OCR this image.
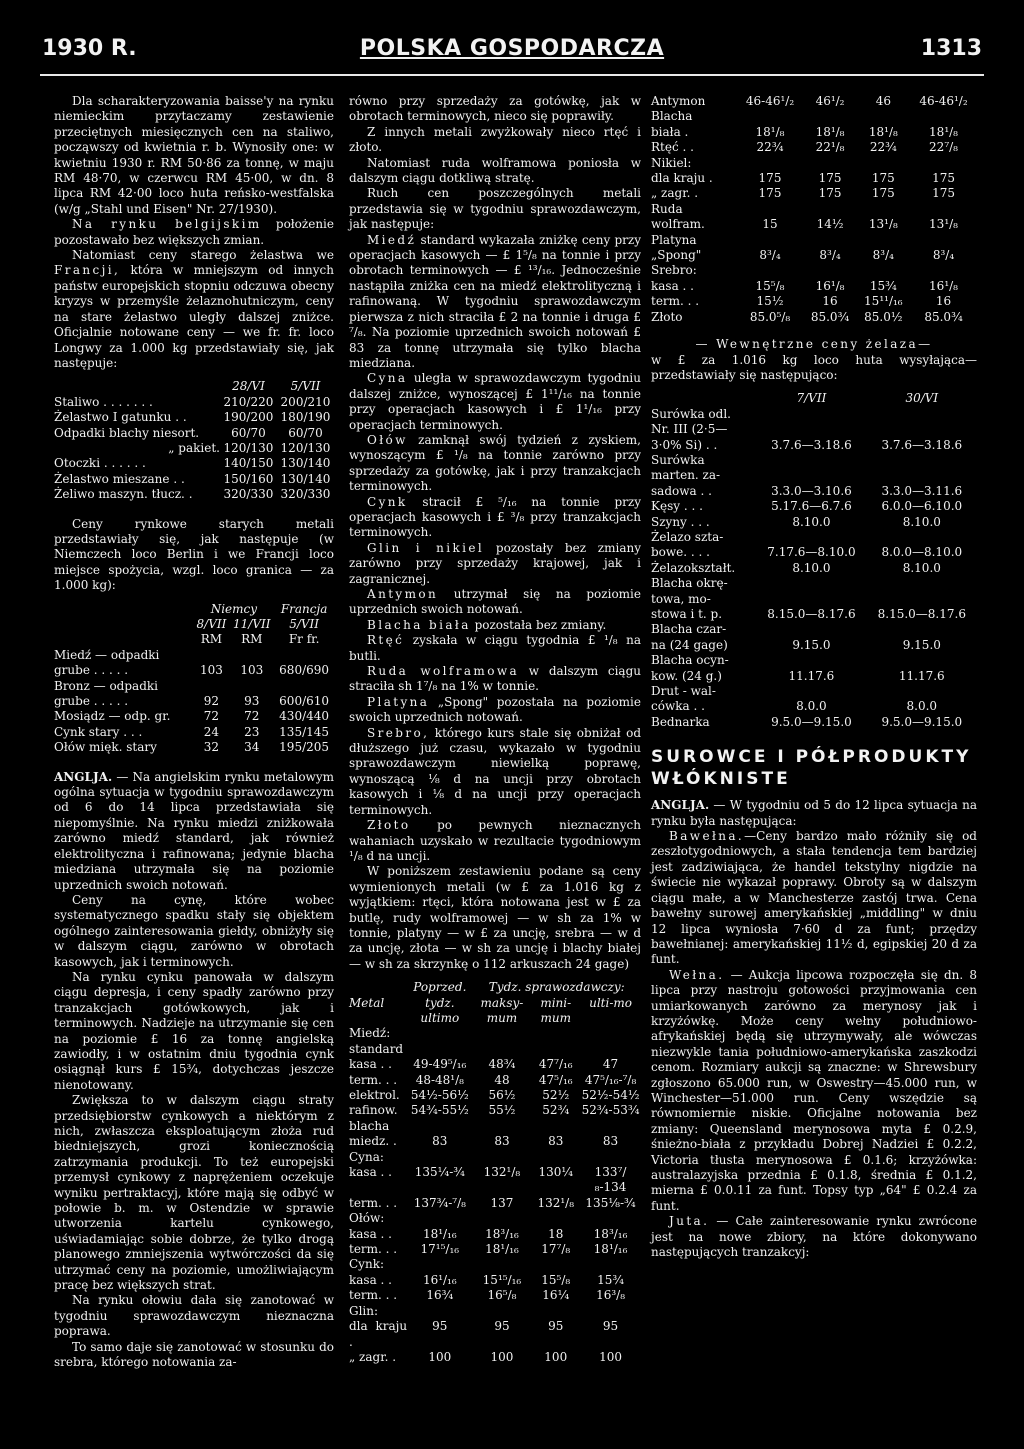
1930 R.	POLSKA GOSPODARCZA	1313

Dla scharakteryzowania baisse'y na rynku niemieckim przytaczamy zestawienie przeciętnych miesięcznych cen na staliwo, począwszy od kwietnia r. b. Wynosiły one: w kwietniu 1930 r. RM 50·86 za tonnę, w maju RM 48·70, w czerwcu RM 45·00, w dn. 8 lipca RM 42·00 loco huta reńsko-westfalska (w/g „Stahl und Eisen" Nr. 27/1930).

Na rynku belgijskim położenie pozostawało bez większych zmian.

Natomiast ceny starego żelastwa we Francji, która w mniejszym od innych państw europejskich stopniu odczuwa obecny kryzys w przemyśle żelaznohutniczym, ceny na stare żelastwo uległy dalszej zniżce. Oficjalnie notowane ceny — we fr. fr. loco Longwy za 1.000 kg przedstawiały się, jak następuje:

	28/VI	5/VII
Staliwo . . . . . . .	210/220	200/210
Żelastwo I gatunku . .	190/200	180/190
Odpadki blachy niesort.	60/70	60/70
„ pakiet.	120/130	120/130
Otoczki . . . . . .	140/150	130/140
Żelastwo mieszane . .	150/160	130/140
Żeliwo maszyn. tłucz. .	320/330	320/330

Ceny rynkowe starych metali przedstawiały się, jak następuje (w Niemczech loco Berlin i we Francji loco miejsce spożycia, wzgl. loco granica — za 1.000 kg):

	Niemcy		Francja
	8/VII	11/VII	5/VII
	RM	RM	Fr fr.
Miedź — odpadki			
grube . . . . .	103	103	680/690
Bronz — odpadki			
grube . . . . .	92	93	600/610
Mosiądz — odp. gr.	72	72	430/440
Cynk stary . . .	24	23	135/145
Ołów mięk. stary	32	34	195/205

ANGLJA. — Na angielskim rynku metalowym ogólna sytuacja w tygodniu sprawozdawczym od 6 do 14 lipca przedstawiała się niepomyślnie. Na rynku miedzi zniżkowała zarówno miedź standard, jak również elektrolityczna i rafinowana; jedynie blacha miedziana utrzymała się na poziomie uprzednich swoich notowań.

Ceny na cynę, które wobec systematycznego spadku stały się objektem ogólnego zainteresowania giełdy, obniżyły się w dalszym ciągu, zarówno w obrotach kasowych, jak i terminowych.

Na rynku cynku panowała w dalszym ciągu depresja, i ceny spadły zarówno przy tranzakcjach gotówkowych, jak i terminowych. Nadzieje na utrzymanie się cen na poziomie £ 16 za tonnę angielską zawiodły, i w ostatnim dniu tygodnia cynk osiągnął kurs £ 15¾, dotychczas jeszcze nienotowany.

Zwiększa to w dalszym ciągu straty przedsiębiorstw cynkowych a niektórym z nich, zwłaszcza eksploatującym złoża rud biedniejszych, grozi koniecznością zatrzymania produkcji. To też europejski przemysł cynkowy z naprężeniem oczekuje wyniku pertraktacyj, które mają się odbyć w połowie b. m. w Ostendzie w sprawie utworzenia kartelu cynkowego, uświadamiając sobie dobrze, że tylko drogą planowego zmniejszenia wytwórczości da się utrzymać ceny na poziomie, umożliwiającym pracę bez większych strat.

Na rynku ołowiu dała się zanotować w tygodniu sprawozdawczym nieznaczna poprawa.

To samo daje się zanotować w stosunku do srebra, którego notowania za-

równo przy sprzedaży za gotówkę, jak w obrotach terminowych, nieco się poprawiły.

Z innych metali zwyżkowały nieco rtęć i złoto.

Natomiast ruda wolframowa poniosła w dalszym ciągu dotkliwą stratę.

Ruch cen poszczególnych metali przedstawia się w tygodniu sprawozdawczym, jak następuje:

Miedź standard wykazała zniżkę ceny przy operacjach kasowych — £ 1⁵/₈ na tonnie i przy obrotach terminowych — £ ¹³/₁₆. Jednocześnie nastąpiła zniżka cen na miedź elektrolityczną i rafinowaną. W tygodniu sprawozdawczym pierwsza z nich straciła £ 2 na tonnie i druga £ ⁷/₈. Na poziomie uprzednich swoich notowań £ 83 za tonnę utrzymała się tylko blacha miedziana.

Cyna uległa w sprawozdawczym tygodniu dalszej zniżce, wynoszącej £ 1¹¹/₁₆ na tonnie przy operacjach kasowych i £ 1¹/₁₆ przy operacjach terminowych.

Ołów zamknął swój tydzień z zyskiem, wynoszącym £ ¹/₈ na tonnie zarówno przy sprzedaży za gotówkę, jak i przy tranzakcjach terminowych.

Cynk stracił £ ⁵/₁₆ na tonnie przy operacjach kasowych i £ ³/₈ przy tranzakcjach terminowych.

Glin i nikiel pozostały bez zmiany zarówno przy sprzedaży krajowej, jak i zagranicznej.

Antymon utrzymał się na poziomie uprzednich swoich notowań.

Blacha biała pozostała bez zmiany.

Rtęć zyskała w ciągu tygodnia £ ¹/₈ na butli.

Ruda wolframowa w dalszym ciągu straciła sh 1⁷/₈ na 1% w tonnie.

Platyna „Spong" pozostała na poziomie swoich uprzednich notowań.

Srebro, którego kurs stale się obniżał od dłuższego już czasu, wykazało w tygodniu sprawozdawczym niewielką poprawę, wynoszącą ⅛ d na uncji przy obrotach kasowych i ⅛ d na uncji przy operacjach terminowych.

Złoto po pewnych nieznacznych wahaniach uzyskało w rezultacie tygodniowym ¹/₈ d na uncji.

W poniższem zestawieniu podane są ceny wymienionych metali (w £ za 1.016 kg z wyjątkiem: rtęci, która notowana jest w £ za butlę, rudy wolframowej — w sh za 1% w tonnie, platyny — w £ za uncję, srebra — w d za uncję, złota — w sh za uncję i blachy białej — w sh za skrzynkę o 112 arkuszach 24 gage)

	Poprzed.	Tydz. sprawozdawczy:		
Metal	tydz. ultimo	maksy-mum	mini-mum	ulti-mo
Miedź:				
standard				
kasa . .	49-49⁵/₁₆	48¾	47⁷/₁₆	47
term. . .	48-48¹/₈	48	47⁵/₁₆	47⁵/₁₆-⁷/₈
elektrol.	54½-56½	56½	52½	52½-54½
rafinow.	54¾-55½	55½	52¾	52¾-53¾
blacha				
miedz. .	83	83	83	83
Cyna:				
kasa . .	135¼-¾	132¹/₈	130¼	133⁷/₈-134
term. . .	137¾-⁷/₈	137	132¹/₈	135⅛-¾
Ołów:				
kasa . .	18¹/₁₆	18³/₁₆	18	18³/₁₆
term. . .	17¹⁵/₁₆	18¹/₁₆	17⁷/₈	18¹/₁₆
Cynk:				
kasa . .	16¹/₁₆	15¹⁵/₁₆	15⁵/₈	15¾
term. . .	16¾	16⁵/₈	16¼	16³/₈
Glin:				
dla kraju .	95	95	95	95
„ zagr. .	100	100	100	100
Antymon	46-46¹/₂	46¹/₂	46	46-46¹/₂
Blacha				
biała .	18¹/₈	18¹/₈	18¹/₈	18¹/₈
Rtęć . .	22¾	22¹/₈	22¾	22⁷/₈
Nikiel:				
dla kraju .	175	175	175	175
„ zagr. .	175	175	175	175
Ruda				
wolfram.	15	14½	13¹/₈	13¹/₈
Platyna				
„Spong"	8³/₄	8³/₄	8³/₄	8³/₄
Srebro:				
kasa . .	15⁵/₈	16¹/₈	15¾	16¹/₈
term. . .	15½	16	15¹¹/₁₆	16
Złoto	85.0⁵/₈	85.0¾	85.0½	85.0¾

— Wewnętrzne ceny żelaza—

w £ za 1.016 kg loco huta wysyłająca— przedstawiały się następująco:

	7/VII	30/VI
Surówka odl.		
Nr. III (2·5—		
3·0% Si) . .	3.7.6—3.18.6	3.7.6—3.18.6
Surówka		
marten. za-		
sadowa . .	3.3.0—3.10.6	3.3.0—3.11.6
Kęsy . . .	5.17.6—6.7.6	6.0.0—6.10.0
Szyny . . .	8.10.0	8.10.0
Żelazo szta-		
bowe. . . .	7.17.6—8.10.0	8.0.0—8.10.0
Żelazokształt.	8.10.0	8.10.0
Blacha okrę-		
towa, mo-		
stowa i t. p.	8.15.0—8.17.6	8.15.0—8.17.6
Blacha czar-		
na (24 gage)	9.15.0	9.15.0
Blacha ocyn-		
kow. (24 g.)	11.17.6	11.17.6
Drut - wal-		
cówka . .	8.0.0	8.0.0
Bednarka	9.5.0—9.15.0	9.5.0—9.15.0
SUROWCE I PÓŁPRODUKTY WŁÓKNISTE

ANGLJA. — W tygodniu od 5 do 12 lipca sytuacja na rynku była następująca:

Bawełna.—Ceny bardzo mało różniły się od zeszłotygodniowych, a stała tendencja tem bardziej jest zadziwiająca, że handel tekstylny nigdzie na świecie nie wykazał poprawy. Obroty są w dalszym ciągu małe, a w Manchesterze zastój trwa. Cena bawełny surowej amerykańskiej „middling" w dniu 12 lipca wyniosła 7·60 d za funt; przędzy bawełnianej: amerykańskiej 11½ d, egipskiej 20 d za funt.

Wełna. — Aukcja lipcowa rozpoczęła się dn. 8 lipca przy nastroju gotowości przyjmowania cen umiarkowanych zarówno za merynosy jak i krzyżówkę. Może ceny wełny południowo-afrykańskiej będą się utrzymywały, ale wówczas niezwykle tania południowo-amerykańska zaszkodzi cenom. Rozmiary aukcji są znaczne: w Shrewsbury zgłoszono 65.000 run, w Oswestry—45.000 run, w Winchester—51.000 run. Ceny wszędzie są równomiernie niskie. Oficjalne notowania bez zmiany: Queensland merynosowa myta £ 0.2.9, śnieżno-biała z przykładu Dobrej Nadziei £ 0.2.2, Victoria tłusta merynosowa £ 0.1.6; krzyżówka: australazyjska przednia £ 0.1.8, średnia £ 0.1.2, mierna £ 0.0.11 za funt. Topsy typ „64" £ 0.2.4 za funt.

Juta. — Całe zainteresowanie rynku zwrócone jest na nowe zbiory, na które dokonywano następujących tranzakcyj:
